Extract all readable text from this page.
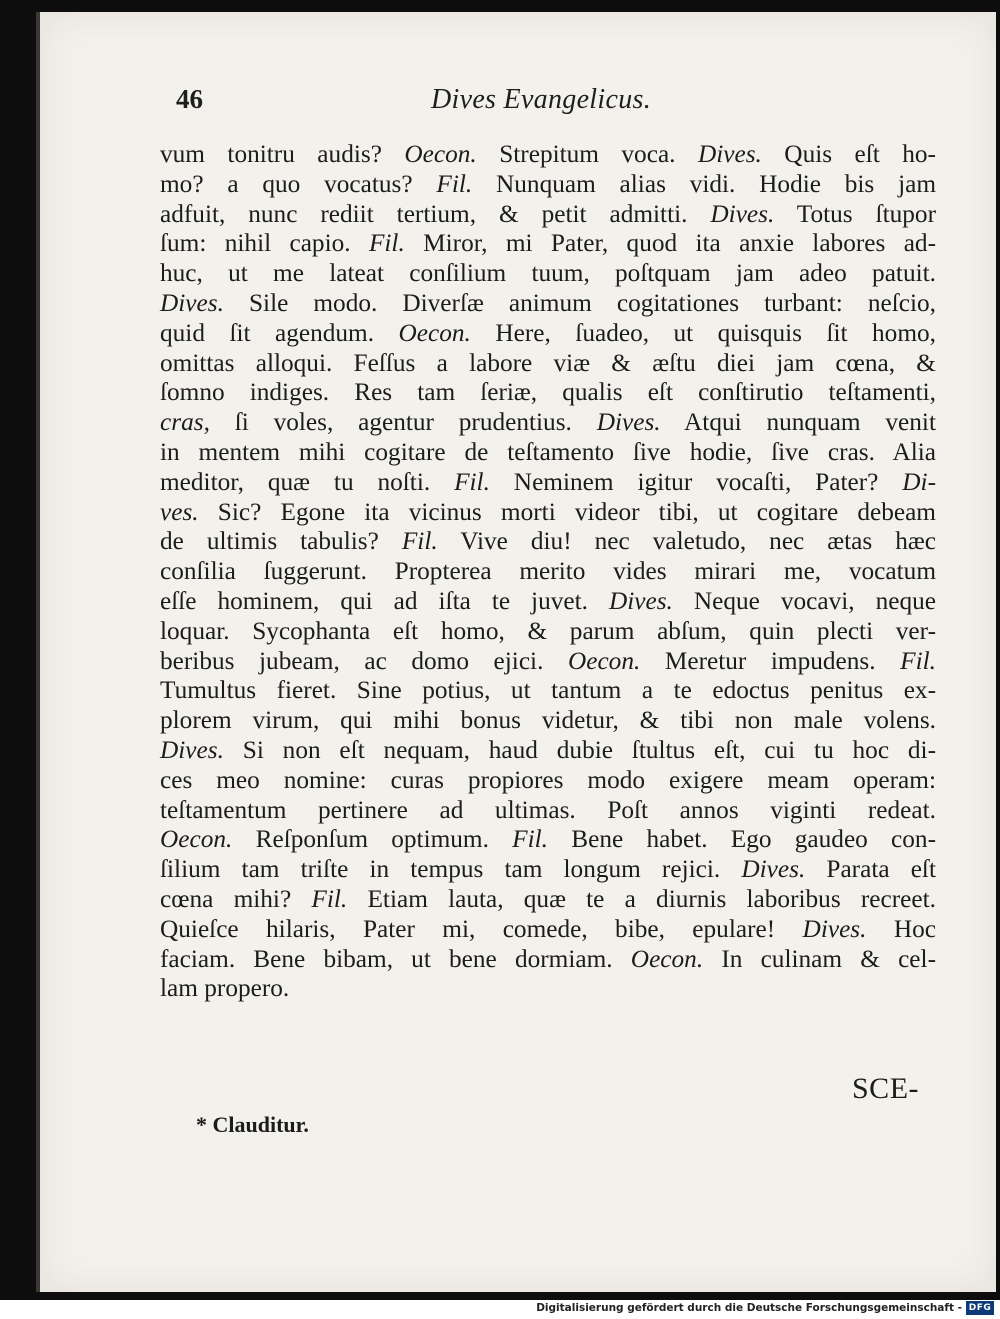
46	Dives Evangelicus.
vum tonitru audis? Oecon. Strepitum voca. Dives. Quis eſt ho-
mo? a quo vocatus? Fil. Nunquam alias vidi. Hodie bis jam
adfuit, nunc rediit tertium, & petit admitti. Dives. Totus ſtupor
ſum: nihil capio. Fil. Miror, mi Pater, quod ita anxie labores ad-
huc, ut me lateat conſilium tuum, poſtquam jam adeo patuit.
Dives. Sile modo. Diverſæ animum cogitationes turbant: neſcio,
quid ſit agendum. Oecon. Here, ſuadeo, ut quisquis ſit homo,
omittas alloqui. Feſſus a labore viæ & æſtu diei jam cœna, &
ſomno indiges. Res tam ſeriæ, qualis eſt conſtirutio teſtamenti,
cras, ſi voles, agentur prudentius. Dives. Atqui nunquam venit
in mentem mihi cogitare de teſtamento ſive hodie, ſive cras. Alia
meditor, quæ tu noſti. Fil. Neminem igitur vocaſti, Pater? Di-
ves. Sic? Egone ita vicinus morti videor tibi, ut cogitare debeam
de ultimis tabulis? Fil. Vive diu! nec valetudo, nec ætas hæc
conſilia ſuggerunt. Propterea merito vides mirari me, vocatum
eſſe hominem, qui ad iſta te juvet. Dives. Neque vocavi, neque
loquar. Sycophanta eſt homo, & parum abſum, quin plecti ver-
beribus jubeam, ac domo ejici. Oecon. Meretur impudens. Fil.
Tumultus fieret. Sine potius, ut tantum a te edoctus penitus ex-
plorem virum, qui mihi bonus videtur, & tibi non male volens.
Dives. Si non eſt nequam, haud dubie ſtultus eſt, cui tu hoc di-
ces meo nomine: curas propiores modo exigere meam operam:
teſtamentum pertinere ad ultimas. Poſt annos viginti redeat.
Oecon. Reſponſum optimum. Fil. Bene habet. Ego gaudeo con-
ſilium tam triſte in tempus tam longum rejici. Dives. Parata eſt
cœna mihi? Fil. Etiam lauta, quæ te a diurnis laboribus recreet.
Quieſce hilaris, Pater mi, comede, bibe, epulare! Dives. Hoc
faciam. Bene bibam, ut bene dormiam. Oecon. In culinam & cel-
lam propero.
SCE-
* Clauditur.
Digitalisierung gefördert durch die Deutsche Forschungsgemeinschaft - DFG
